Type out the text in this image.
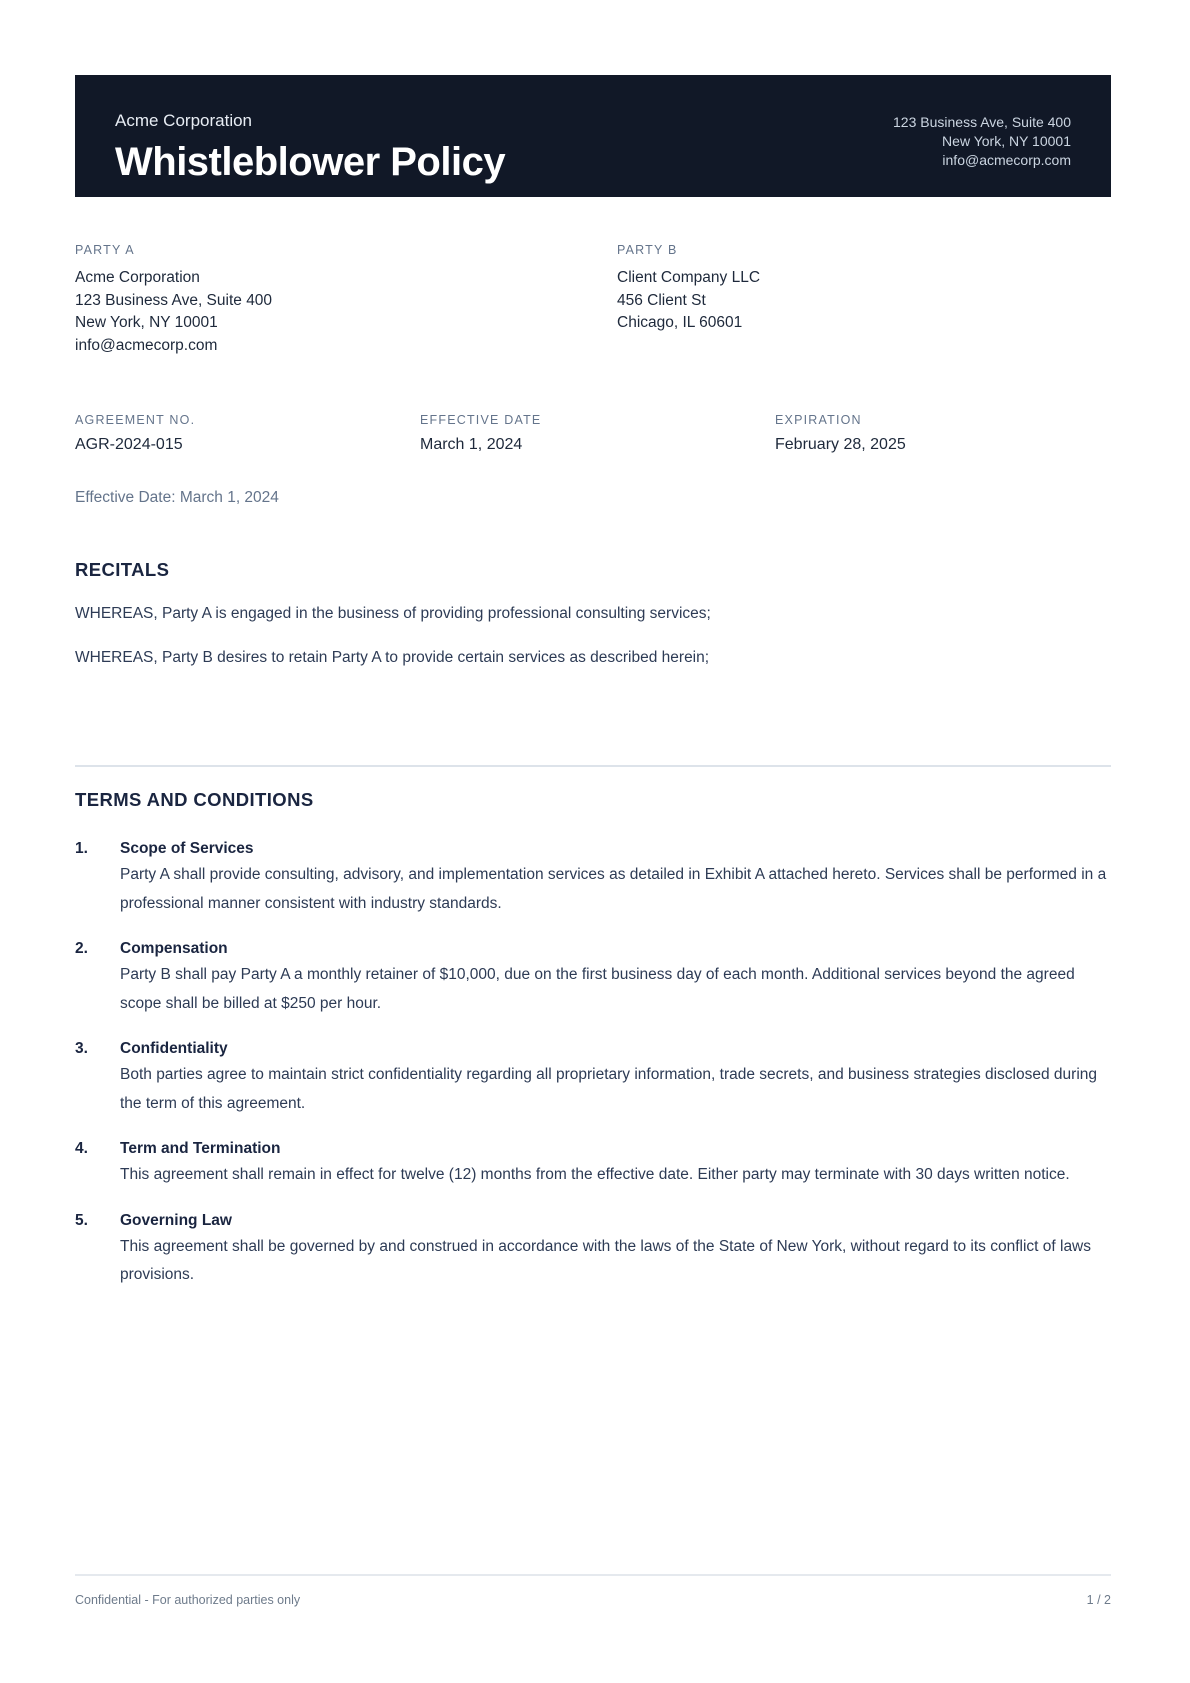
Acme Corporation
Whistleblower Policy
123 Business Ave, Suite 400
New York, NY 10001
info@acmecorp.com
PARTY A
Acme Corporation
123 Business Ave, Suite 400
New York, NY 10001
info@acmecorp.com
PARTY B
Client Company LLC
456 Client St
Chicago, IL 60601
AGREEMENT NO.
AGR-2024-015
EFFECTIVE DATE
March 1, 2024
EXPIRATION
February 28, 2025
Effective Date: March 1, 2024
RECITALS

WHEREAS, Party A is engaged in the business of providing professional consulting services;

WHEREAS, Party B desires to retain Party A to provide certain services as described herein;

TERMS AND CONDITIONS
1.	Scope of Services
Party A shall provide consulting, advisory, and implementation services as detailed in Exhibit A attached hereto. Services shall be performed in a professional manner consistent with industry standards.
2.	Compensation
Party B shall pay Party A a monthly retainer of $10,000, due on the first business day of each month. Additional services beyond the agreed scope shall be billed at $250 per hour.
3.	Confidentiality
Both parties agree to maintain strict confidentiality regarding all proprietary information, trade secrets, and business strategies disclosed during the term of this agreement.
4.	Term and Termination
This agreement shall remain in effect for twelve (12) months from the effective date. Either party may terminate with 30 days written notice.
5.	Governing Law
This agreement shall be governed by and construed in accordance with the laws of the State of New York, without regard to its conflict of laws provisions.
Confidential - For authorized parties only	1 / 2
